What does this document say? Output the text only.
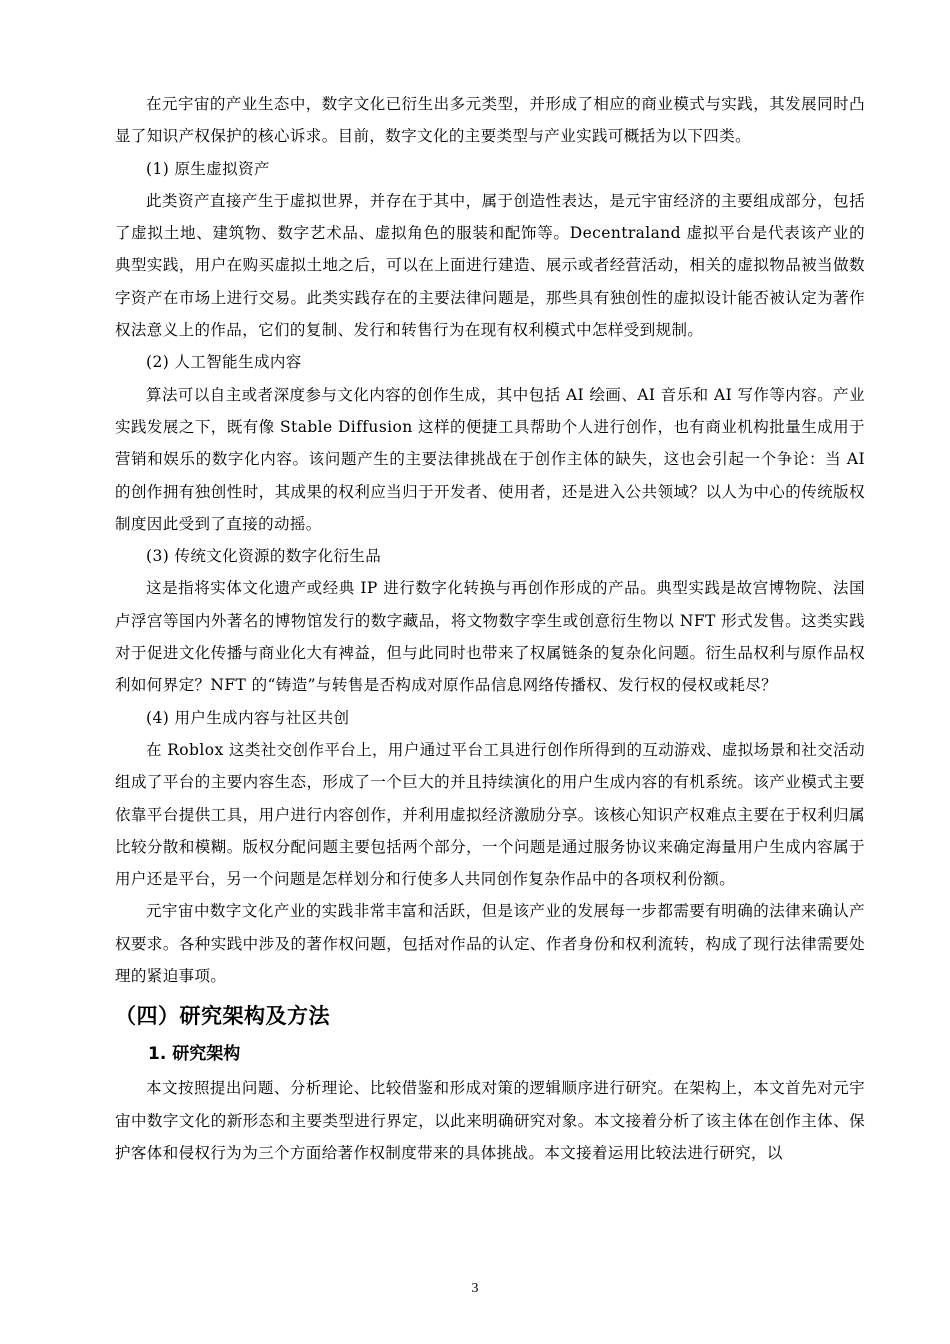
在元宇宙的产业生态中，数字文化已衍生出多元类型，并形成了相应的商业模式与实践，其发展同时凸显了知识产权保护的核心诉求。目前，数字文化的主要类型与产业实践可概括为以下四类。

(1) 原生虚拟资产

此类资产直接产生于虚拟世界，并存在于其中，属于创造性表达，是元宇宙经济的主要组成部分，包括了虚拟土地、建筑物、数字艺术品、虚拟角色的服装和配饰等。Decentraland 虚拟平台是代表该产业的典型实践，用户在购买虚拟土地之后，可以在上面进行建造、展示或者经营活动，相关的虚拟物品被当做数字资产在市场上进行交易。此类实践存在的主要法律问题是，那些具有独创性的虚拟设计能否被认定为著作权法意义上的作品，它们的复制、发行和转售行为在现有权利模式中怎样受到规制。

(2) 人工智能生成内容

算法可以自主或者深度参与文化内容的创作生成，其中包括 AI 绘画、AI 音乐和 AI 写作等内容。产业实践发展之下，既有像 Stable Diffusion 这样的便捷工具帮助个人进行创作，也有商业机构批量生成用于营销和娱乐的数字化内容。该问题产生的主要法律挑战在于创作主体的缺失，这也会引起一个争论：当 AI 的创作拥有独创性时，其成果的权利应当归于开发者、使用者，还是进入公共领域？以人为中心的传统版权制度因此受到了直接的动摇。

(3) 传统文化资源的数字化衍生品

这是指将实体文化遗产或经典 IP 进行数字化转换与再创作形成的产品。典型实践是故宫博物院、法国卢浮宫等国内外著名的博物馆发行的数字藏品，将文物数字孪生或创意衍生物以 NFT 形式发售。这类实践对于促进文化传播与商业化大有裨益，但与此同时也带来了权属链条的复杂化问题。衍生品权利与原作品权利如何界定？NFT 的“铸造”与转售是否构成对原作品信息网络传播权、发行权的侵权或耗尽？

(4) 用户生成内容与社区共创

在 Roblox 这类社交创作平台上，用户通过平台工具进行创作所得到的互动游戏、虚拟场景和社交活动组成了平台的主要内容生态，形成了一个巨大的并且持续演化的用户生成内容的有机系统。该产业模式主要依靠平台提供工具，用户进行内容创作，并利用虚拟经济激励分享。该核心知识产权难点主要在于权利归属比较分散和模糊。版权分配问题主要包括两个部分，一个问题是通过服务协议来确定海量用户生成内容属于用户还是平台，另一个问题是怎样划分和行使多人共同创作复杂作品中的各项权利份额。

元宇宙中数字文化产业的实践非常丰富和活跃，但是该产业的发展每一步都需要有明确的法律来确认产权要求。各种实践中涉及的著作权问题，包括对作品的认定、作者身份和权利流转，构成了现行法律需要处理的紧迫事项。

（四）研究架构及方法
1. 研究架构

本文按照提出问题、分析理论、比较借鉴和形成对策的逻辑顺序进行研究。在架构上，本文首先对元宇宙中数字文化的新形态和主要类型进行界定，以此来明确研究对象。本文接着分析了该主体在创作主体、保护客体和侵权行为为三个方面给著作权制度带来的具体挑战。本文接着运用比较法进行研究，以

3
